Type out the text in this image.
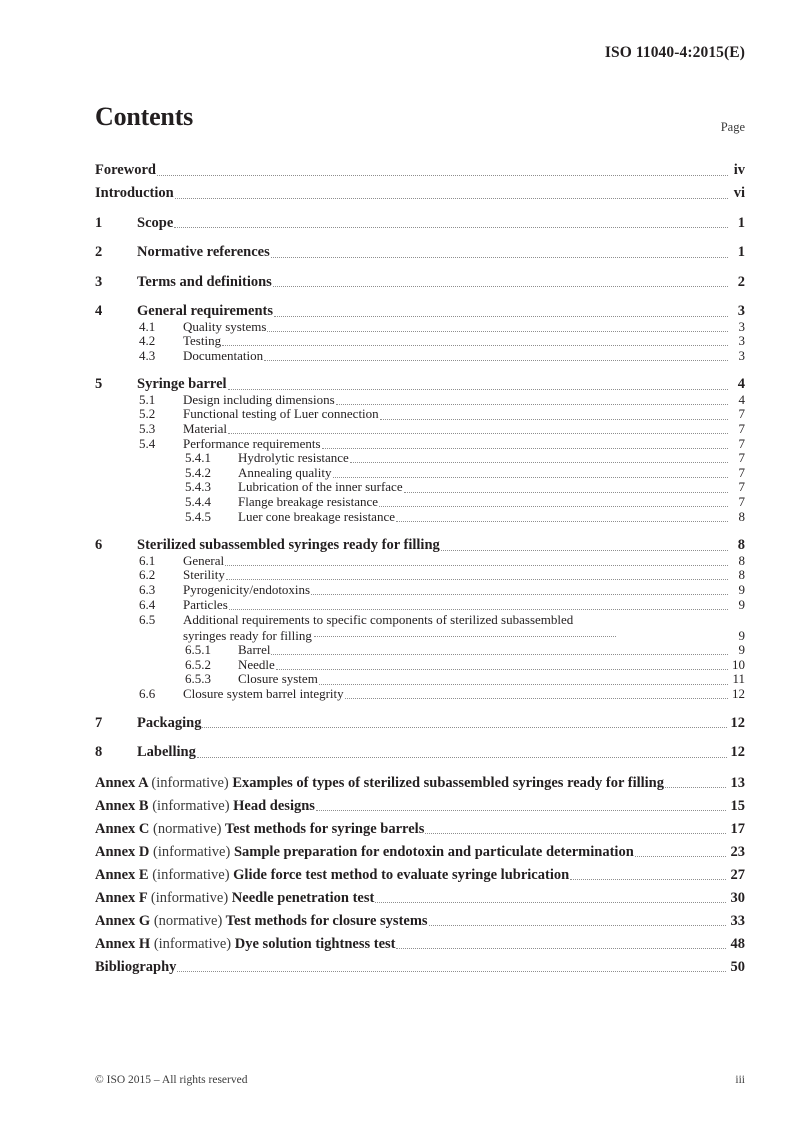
ISO 11040-4:2015(E)
Contents	Page
Foreword	iv
Introduction	vi
1	Scope	1
2	Normative references	1
3	Terms and definitions	2
4	General requirements	3
4.1	Quality systems	3
4.2	Testing	3
4.3	Documentation	3
5	Syringe barrel	4
5.1	Design including dimensions	4
5.2	Functional testing of Luer connection	7
5.3	Material	7
5.4	Performance requirements	7
5.4.1	Hydrolytic resistance	7
5.4.2	Annealing quality	7
5.4.3	Lubrication of the inner surface	7
5.4.4	Flange breakage resistance	7
5.4.5	Luer cone breakage resistance	8
6	Sterilized subassembled syringes ready for filling	8
6.1	General	8
6.2	Sterility	8
6.3	Pyrogenicity/endotoxins	9
6.4	Particles	9
6.5	Additional requirements to specific components of sterilized subassembled
syringes ready for filling	9
6.5.1	Barrel	9
6.5.2	Needle	10
6.5.3	Closure system	11
6.6	Closure system barrel integrity	12
7	Packaging	12
8	Labelling	12
Annex A (informative) Examples of types of sterilized subassembled syringes ready for filling	13
Annex B (informative) Head designs	15
Annex C (normative) Test methods for syringe barrels	17
Annex D (informative) Sample preparation for endotoxin and particulate determination	23
Annex E (informative) Glide force test method to evaluate syringe lubrication	27
Annex F (informative) Needle penetration test	30
Annex G (normative) Test methods for closure systems	33
Annex H (informative) Dye solution tightness test	48
Bibliography	50
© ISO 2015 – All rights reserved	iii
